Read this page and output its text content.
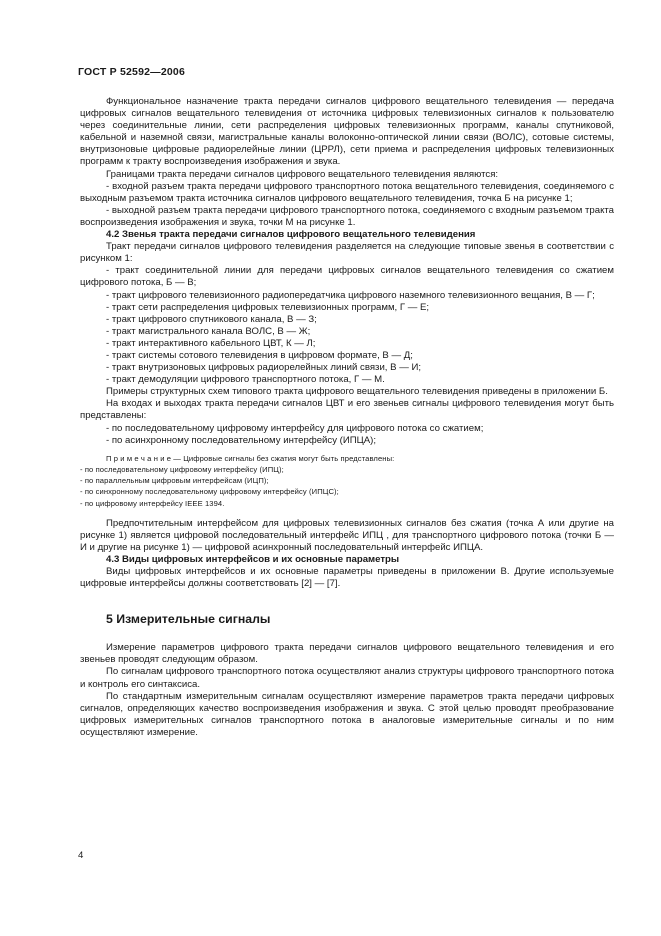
ГОСТ Р 52592—2006

Функциональное назначение тракта передачи сигналов цифрового вещательного телевидения — передача цифровых сигналов вещательного телевидения от источника цифровых телевизионных сигналов к пользователю через соединительные линии, сети распределения цифровых телевизионных программ, каналы спутниковой, кабельной и наземной связи, магистральные каналы волоконно-оптической линии связи (ВОЛС), сотовые системы, внутризоновые цифровые радиорелейные линии (ЦРРЛ), сети приема и распределения цифровых телевизионных программ к тракту воспроизведения изображения и звука.

Границами тракта передачи сигналов цифрового вещательного телевидения являются:

- входной разъем тракта передачи цифрового транспортного потока вещательного телевидения, соединяемого с выходным разъемом тракта источника сигналов цифрового вещательного телевидения, точка Б на рисунке 1;

- выходной разъем тракта передачи цифрового транспортного потока, соединяемого с входным разъемом тракта воспроизведения изображения и звука, точки М на рисунке 1.

4.2 Звенья тракта передачи сигналов цифрового вещательного телевидения

Тракт передачи сигналов цифрового телевидения разделяется на следующие типовые звенья в соответствии с рисунком 1:

- тракт соединительной линии для передачи цифровых сигналов вещательного телевидения со сжатием цифрового потока, Б — В;

- тракт цифрового телевизионного радиопередатчика цифрового наземного телевизионного вещания, В — Г;

- тракт сети распределения цифровых телевизионных программ, Г — Е;

- тракт цифрового спутникового канала, В — З;

- тракт магистрального канала ВОЛС, В — Ж;

- тракт интерактивного кабельного ЦВТ, К — Л;

- тракт системы сотового телевидения в цифровом формате, В — Д;

- тракт внутризоновых цифровых радиорелейных линий связи, В — И;

- тракт демодуляции цифрового транспортного потока, Г — М.

Примеры структурных схем типового тракта цифрового вещательного телевидения приведены в приложении Б.

На входах и выходах тракта передачи сигналов ЦВТ и его звеньев сигналы цифрового телевидения могут быть представлены:

- по последовательному цифровому интерфейсу для цифрового потока со сжатием;

- по асинхронному последовательному интерфейсу (ИПЦА);

П р и м е ч а н и е — Цифровые сигналы без сжатия могут быть представлены:

- по последовательному цифровому интерфейсу (ИПЦ);

- по параллельным цифровым интерфейсам (ИЦП);

- по синхронному последовательному цифровому интерфейсу (ИПЦС);

- по цифровому интерфейсу IEEE 1394.

Предпочтительным интерфейсом для цифровых телевизионных сигналов без сжатия (точка А или другие на рисунке 1) является цифровой последовательный интерфейс ИПЦ , для транспортного цифрового потока (точки Б — И и другие на рисунке 1) — цифровой асинхронный последовательный интерфейс ИПЦА.

4.3 Виды цифровых интерфейсов и их основные параметры

Виды цифровых интерфейсов и их основные параметры приведены в приложении В. Другие используемые цифровые интерфейсы должны соответствовать [2] — [7].

5 Измерительные сигналы

Измерение параметров цифрового тракта передачи сигналов цифрового вещательного телевидения и его звеньев проводят следующим образом.

По сигналам цифрового транспортного потока осуществляют анализ структуры цифрового транспортного потока и контроль его синтаксиса.

По стандартным измерительным сигналам осуществляют измерение параметров тракта передачи цифровых сигналов, определяющих качество воспроизведения изображения и звука. С этой целью проводят преобразование цифровых измерительных сигналов транспортного потока в аналоговые измерительные сигналы и по ним осуществляют измерение.

4
